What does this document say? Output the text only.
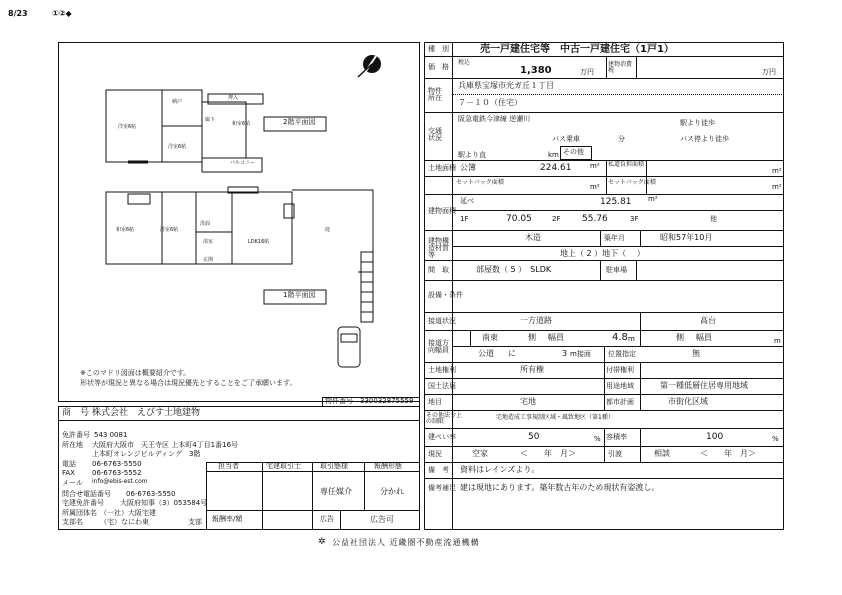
8/23	①②◆
2階平面図
1階平面図
洋室6帖
洋室6帖
和室6帖
納戸
廊下
バルコニー
押入
和室6帖	洋室6帖
LDK16帖
玄関
浴室
洗面
庭
※このマドリ図面は概要紹介です。
形状等が現況と異なる場合は現況優先とすることをご了承願います。
物件番号 330032875559
商　号 株式会社　えびす土地建物
免許番号 543 0081
所在地 大阪府大阪市　天王寺区 上本町4丁目1番16号
上本町オレンジビルディング　3階
電話 06-6763-5550
FAX 06-6763-5552
メール info@ebis-est.com
問合せ電話番号 06-6763-5550
宅建免許番号 大阪府知事（3）053584号
所属団体名 （一社）大阪宅建
支部名 （宅）なにわ東	支部
担当者	宅建取引士	取引態様	報酬形態
専任媒介	分かれ
報酬率/額	広告	広告可
種　別	売一戸建住宅等　中古一戸建住宅（1戸1）
価　格
税込
1,380	万円
建物消費税	万円
物件所在
兵庫県宝塚市光ガ丘１丁目
７－１０（住宅）
交通状況
阪急電鉄今津線 逆瀬川	駅より徒歩
バス乗車	分	バス停より徒歩
駅より直	km その他
土地面積 公簿	224.61	m² 私道負担面積
m²
セットバック面積	セットバック面積
m²	m²
建物面積
延べ	125.81 m²
1F	70.05	2F 55.76	3F	他
建物構造材質等
木造	築年月	昭和57年10月
地上（ 2 ）地下（　 ）
間　取	部屋数（ 5 ）　SLDK	駐車場
設備・条件
接道状況	一方道路	高台
接道方向幅員
南東	側 幅員	4.8 m	側 幅員	m
公道 に	3 m接面 位置指定	無
土地権利	所有権	付帯権利
国土法届	用途地域	第一種低層住居専用地域
地目	宅地	都市計画	市街化区域
その他法令上の制限
宅地造成工事規制区域・風致地区（第1種）
建ぺい率	50	% 容積率	100	%
現況	空家	＜　　年　月＞	引渡	相談	＜　　年　月＞
備　考 資料はレインズより。
備考補足 建は現地にあります。築年数古年のため現状有姿渡し。
✲ 公益社団法人 近畿圏不動産流通機構
